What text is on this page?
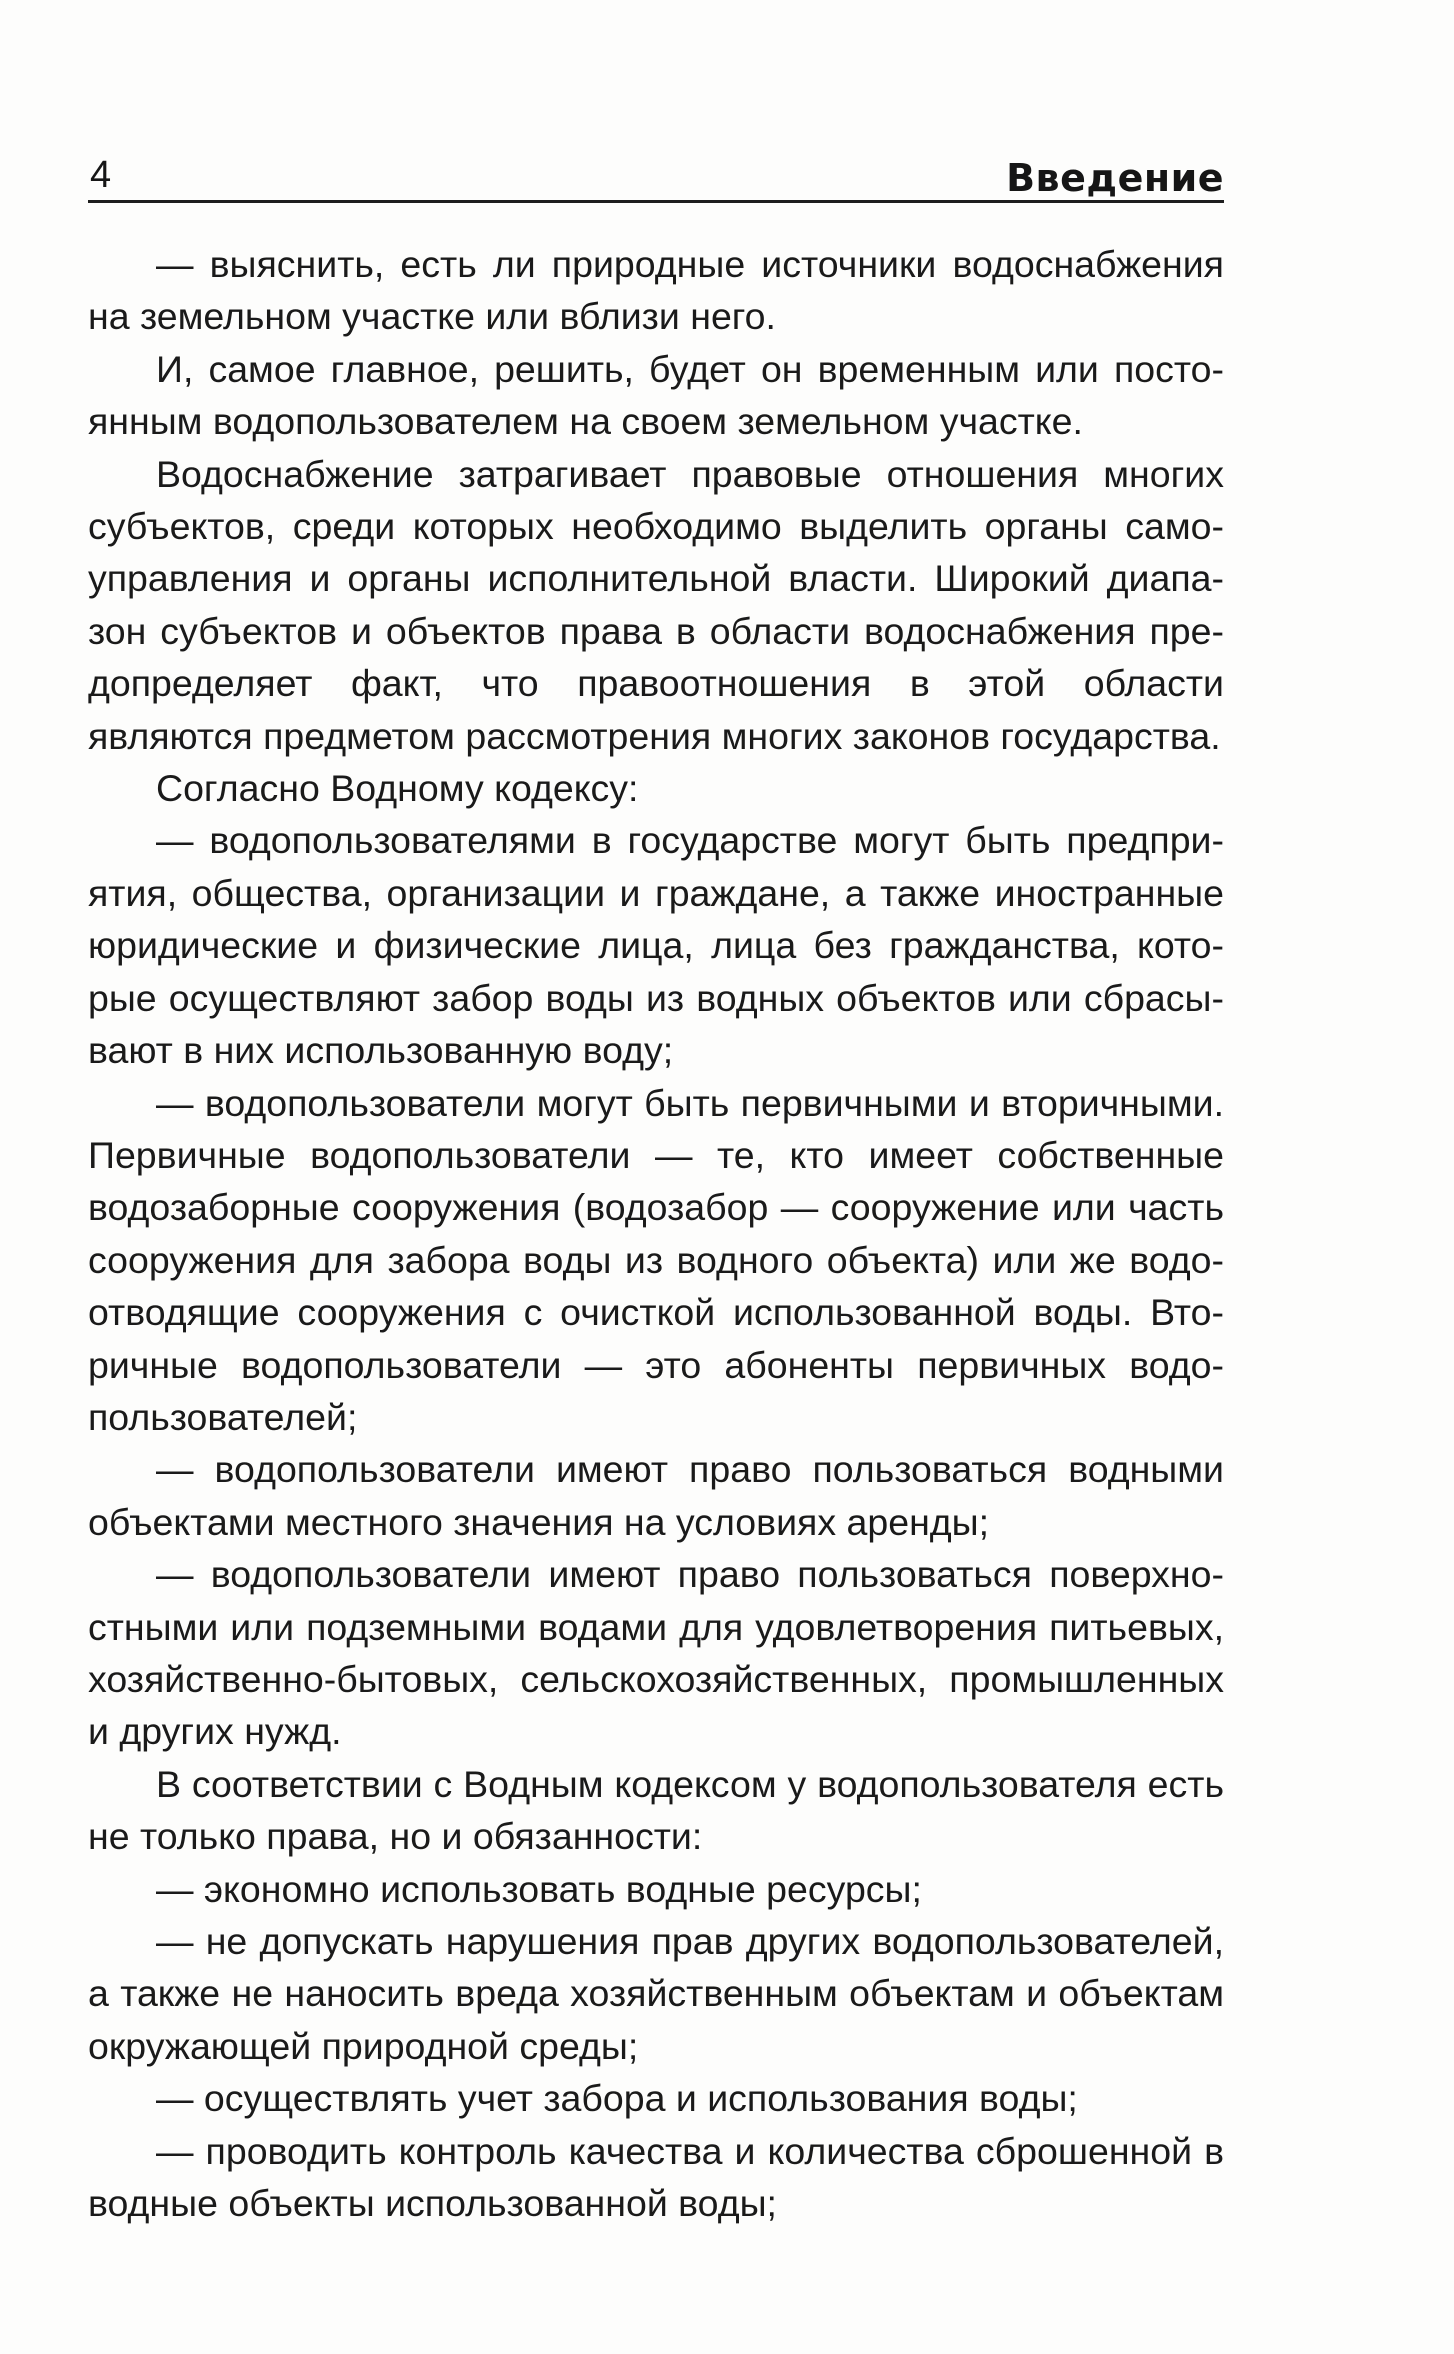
4	Введение

— выяснить, есть ли природные источники водоснабжения на земельном участке или вблизи него.

И, самое главное, решить, будет он временным или постоянным водопользователем на своем земельном участке.

Водоснабжение затрагивает правовые отношения многих субъектов, среди которых необходимо выделить органы самоуправления и органы исполнительной власти. Широкий диапазон субъектов и объектов права в области водоснабжения предопределяет факт, что правоотношения в этой области являются предметом рассмотрения многих законов государства.

Согласно Водному кодексу:

— водопользователями в государстве могут быть предприятия, общества, организации и граждане, а также иностранные юридические и физические лица, лица без гражданства, которые осуществляют забор воды из водных объектов или сбрасывают в них использованную воду;

— водопользователи могут быть первичными и вторичными. Первичные водопользователи — те, кто имеет собственные водозаборные сооружения (водозабор — сооружение или часть сооружения для забора воды из водного объекта) или же водоотводящие сооружения с очисткой использованной воды. Вторичные водопользователи — это абоненты первичных водопользователей;

— водопользователи имеют право пользоваться водными объектами местного значения на условиях аренды;

— водопользователи имеют право пользоваться поверхностными или подземными водами для удовлетворения питьевых, хозяйственно-бытовых, сельскохозяйственных, промышленных и других нужд.

В соответствии с Водным кодексом у водопользователя есть не только права, но и обязанности:

— экономно использовать водные ресурсы;

— не допускать нарушения прав других водопользователей, а также не наносить вреда хозяйственным объектам и объектам окружающей природной среды;

— осуществлять учет забора и использования воды;

— проводить контроль качества и количества сброшенной в водные объекты использованной воды;
